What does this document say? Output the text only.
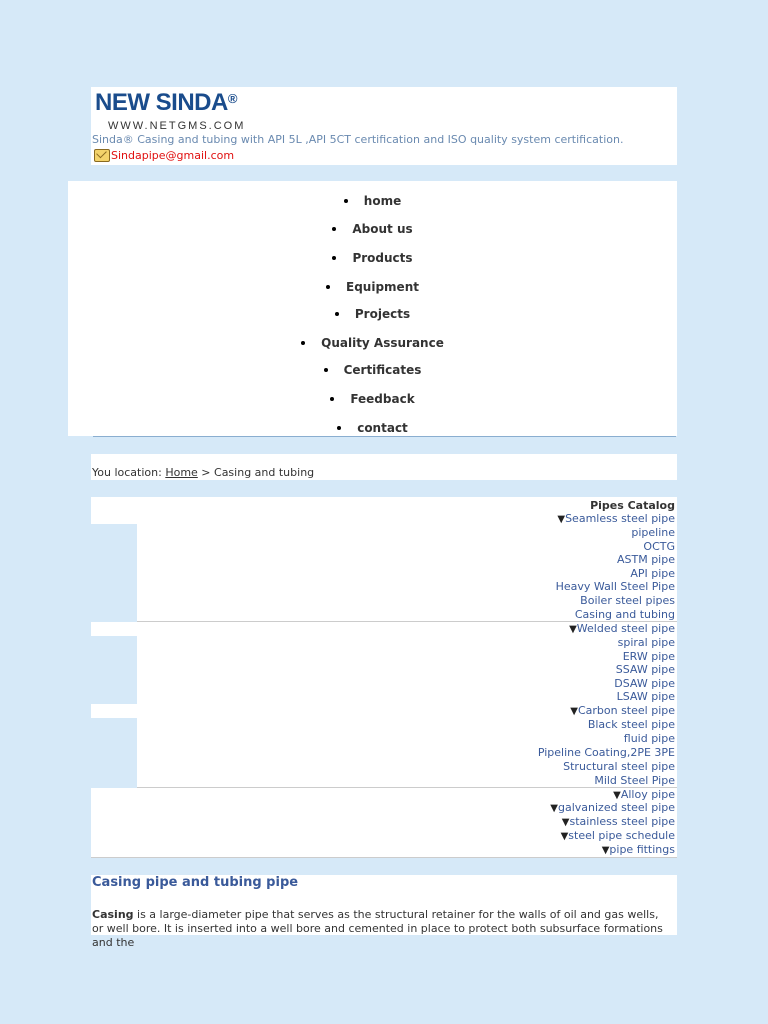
NEW SINDA®
WWW.NETGMS.COM
Sinda® Casing and tubing with API 5L ,API 5CT certification and ISO quality system certification.
Sindapipe@gmail.com
home
About us
Products
Equipment
Projects
Quality Assurance
Certificates
Feedback
contact
You location: Home > Casing and tubing
Pipes Catalog
▼Seamless steel pipe
pipeline
OCTG
ASTM pipe
API pipe
Heavy Wall Steel Pipe
Boiler steel pipes
Casing and tubing
▼Welded steel pipe
spiral pipe
ERW pipe
SSAW pipe
DSAW pipe
LSAW pipe
▼Carbon steel pipe
Black steel pipe
fluid pipe
Pipeline Coating,2PE 3PE
Structural steel pipe
Mild Steel Pipe
▼Alloy pipe
▼galvanized steel pipe
▼stainless steel pipe
▼steel pipe schedule
▼pipe fittings
Casing pipe and tubing pipe
Casing is a large-diameter pipe that serves as the structural retainer for the walls of oil and gas wells, or well bore. It is inserted into a well bore and cemented in place to protect both subsurface formations and the
